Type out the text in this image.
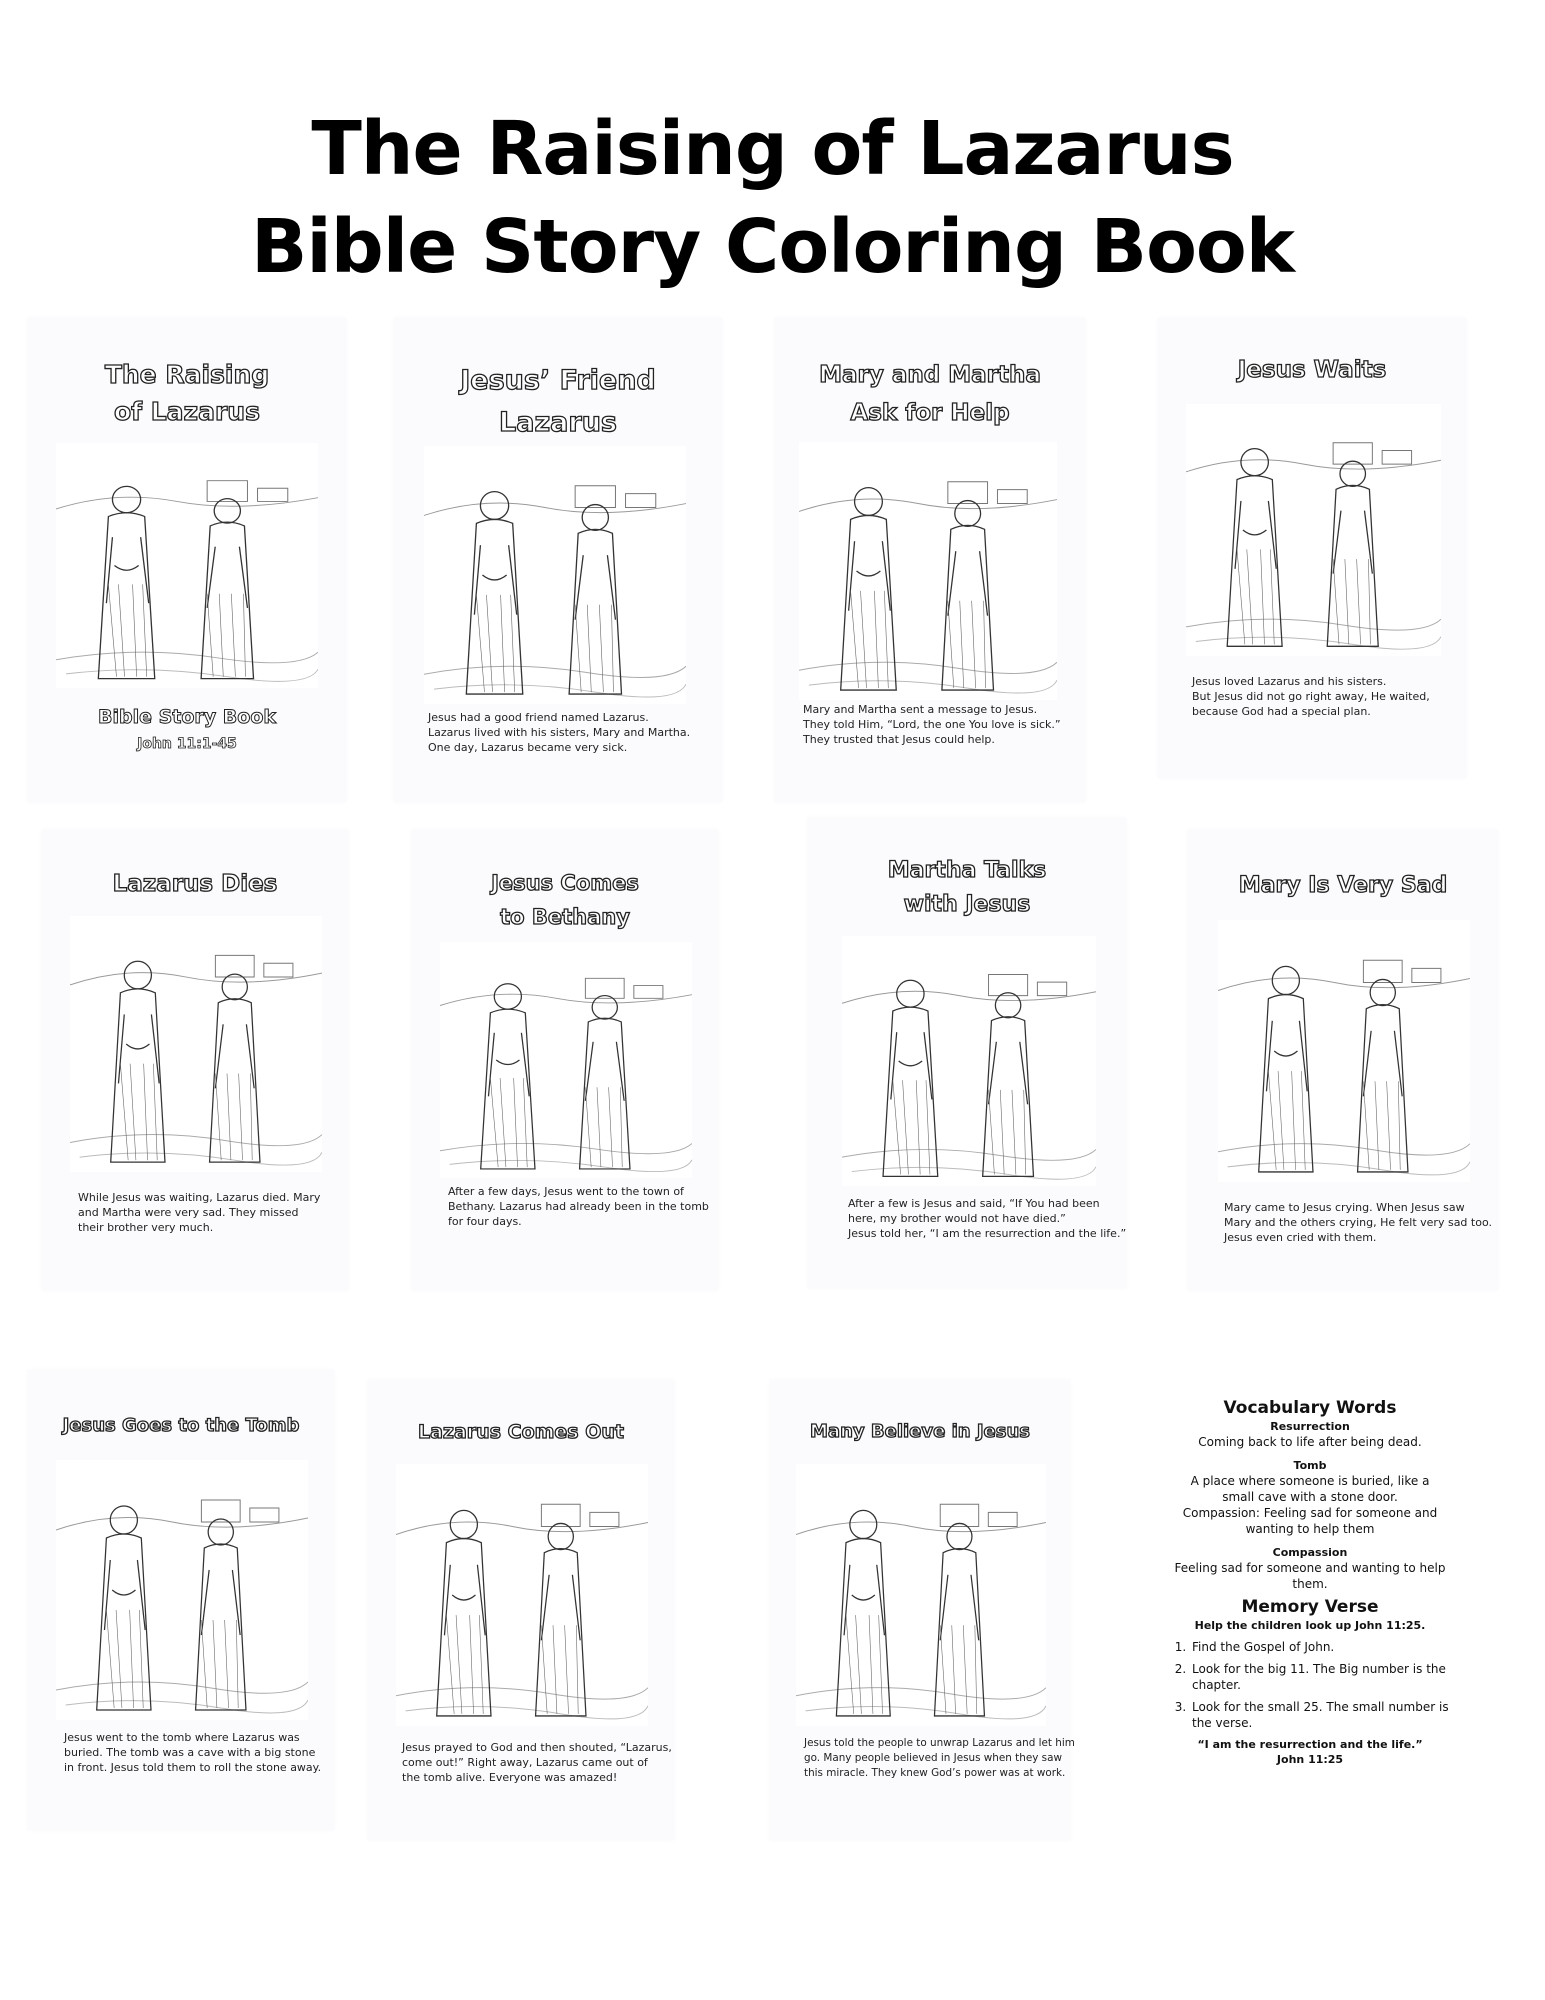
The Raising of Lazarus
Bible Story Coloring Book
The Raising
of Lazarus
Bible Story Book
John 11:1-45
Jesus’ Friend
Lazarus
Jesus had a good friend named Lazarus.
Lazarus lived with his sisters, Mary and Martha.
One day, Lazarus became very sick.
Mary and Martha
Ask for Help
Mary and Martha sent a message to Jesus.
They told Him, “Lord, the one You love is sick.”
They trusted that Jesus could help.
Jesus Waits
Jesus loved Lazarus and his sisters.
But Jesus did not go right away, He waited,
because God had a special plan.
Lazarus Dies
While Jesus was waiting, Lazarus died. Mary
and Martha were very sad. They missed
their brother very much.
Jesus Comes
to Bethany
After a few days, Jesus went to the town of
Bethany. Lazarus had already been in the tomb
for four days.
Martha Talks
with Jesus
After a few is Jesus and said, “If You had been
here, my brother would not have died.”
Jesus told her, “I am the resurrection and the life.”
Mary Is Very Sad
Mary came to Jesus crying. When Jesus saw
Mary and the others crying, He felt very sad too.
Jesus even cried with them.
Jesus Goes to the Tomb
Jesus went to the tomb where Lazarus was
buried. The tomb was a cave with a big stone
in front. Jesus told them to roll the stone away.
Lazarus Comes Out
Jesus prayed to God and then shouted, “Lazarus,
come out!” Right away, Lazarus came out of
the tomb alive. Everyone was amazed!
Many Believe in Jesus
Jesus told the people to unwrap Lazarus and let him
go. Many people believed in Jesus when they saw
this miracle. They knew God’s power was at work.
Vocabulary Words
Resurrection
Coming back to life after being dead.
Tomb
A place where someone is buried, like a
small cave with a stone door.
Compassion: Feeling sad for someone and
wanting to help them
Compassion
Feeling sad for someone and wanting to help
them.
Memory Verse
Help the children look up John 11:25.
1. Find the Gospel of John.
2. Look for the big 11. The Big number is the chapter.
3. Look for the small 25. The small number is the verse.
“I am the resurrection and the life.”
John 11:25
